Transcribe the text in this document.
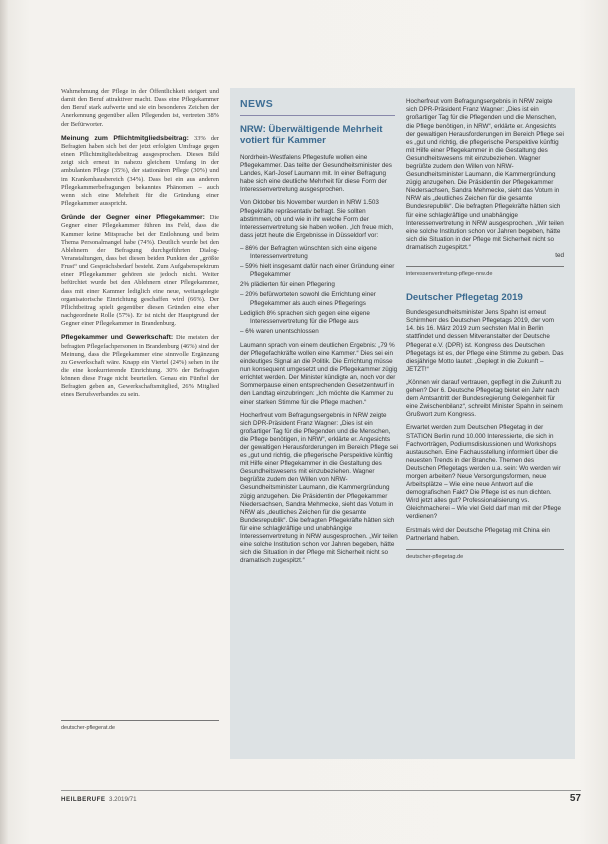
Wahrnehmung der Pflege in der Öffentlichkeit steigert und damit den Beruf attraktiver macht. Dass eine Pflegekammer den Beruf stark aufwerte und sie ein besonderes Zeichen der Anerkennung gegenüber allen Pflegenden ist, vertreten 38% der Befürworter.

Meinung zum Pflichtmitgliedsbeitrag: 33% der Befragten haben sich bei der jetzt erfolgten Umfrage gegen einen Pflichtmitgliedsbeitrag ausgesprochen. Dieses Bild zeigt sich erneut in nahezu gleichem Umfang in der ambulanten Pflege (35%), der stationären Pflege (30%) und im Krankenhausbereich (34%). Dass bei ein aus anderen Pflegekammerbefragungen bekanntes Phänomen – auch wenn sich eine Mehrheit für die Gründung einer Pflegekammer ausspricht.

Gründe der Gegner einer Pflegekammer: Die Gegner einer Pflegekammer führen ins Feld, dass die Kammer keine Mitsprache bei der Entlohnung und beim Thema Personalmangel habe (74%). Deutlich wurde bei den Ablehnern der Befragung durchgeführten Dialog-Veranstaltungen, dass bei diesen beiden Punkten der „größte Frust“ und Gesprächsbedarf besteht. Zum Aufgabenspektrum einer Pflegekammer gehören sie jedoch nicht. Weiter befürchtet wurde bei den Ablehnern einer Pflegekammer, dass mit einer Kammer lediglich eine neue, weitangelegte organisatorische Einrichtung geschaffen wird (66%). Der Pflichtbeitrag spielt gegenüber diesen Gründen eine eher nachgeordnete Rolle (57%). Er ist nicht der Hauptgrund der Gegner einer Pflegekammer in Brandenburg.

Pflegekammer und Gewerkschaft: Die meisten der befragten Pflegefachpersonen in Brandenburg (46%) sind der Meinung, dass die Pflegekammer eine sinnvolle Ergänzung zu Gewerkschaft wäre. Knapp ein Viertel (24%) sehen in ihr die eine konkurrierende Einrichtung. 30% der Befragten können diese Frage nicht beurteilen. Genau ein Fünftel der Befragten geben an, Gewerkschaftsmitglied, 26% Mitglied eines Berufsverbandes zu sein.

deutscher-pflegerat.de
NEWS
NRW: Überwältigende Mehrheit votiert für Kammer

Nordrhein-Westfalens Pflegestufe wollen eine Pflegekammer. Das teilte der Gesundheitsminister des Landes, Karl-Josef Laumann mit. In einer Befragung habe sich eine deutliche Mehrheit für diese Form der Interessenvertretung ausgesprochen.

Von Oktober bis November wurden in NRW 1.503 Pflegekräfte repräsentativ befragt. Sie sollten abstimmen, ob und wie in ihr welche Form der Interessenvertretung sie haben wollen. „Ich freue mich, dass jetzt heute die Ergebnisse in Düsseldorf vor:

– 86% der Befragten wünschten sich eine eigene Interessenvertretung
– 59% hielt insgesamt dafür nach einer Gründung einer Pflegekammer
2% plädierten für einen Pflegering
– 20% befürworteten sowohl die Errichtung einer Pflegekammer als auch eines Pflegerings
Lediglich 8% sprachen sich gegen eine eigene Interessenvertretung für die Pflege aus
– 6% waren unentschlossen

Laumann sprach von einem deutlichen Ergebnis: „79 % der Pflegefachkräfte wollen eine Kammer.“ Dies sei ein eindeutiges Signal an die Politik. Die Errichtung müsse nun konsequent umgesetzt und die Pflegekammer zügig errichtet werden. Der Minister kündigte an, noch vor der Sommerpause einen entsprechenden Gesetzentwurf in den Landtag einzubringen: „Ich möchte die Kammer zu einer starken Stimme für die Pflege machen.“

Hocherfreut vom Befragungsergebnis in NRW zeigte sich DPR-Präsident Franz Wagner: „Dies ist ein großartiger Tag für die Pflegenden und die Menschen, die Pflege benötigen, in NRW“, erklärte er. Angesichts der gewaltigen Herausforderungen im Bereich Pflege sei es „gut und richtig, die pflegerische Perspektive künftig mit Hilfe einer Pflegekammer in die Gestaltung des Gesundheitswesens mit einzubeziehen. Wagner begrüßte zudem den Willen von NRW-Gesundheitsminister Laumann, die Kammergründung zügig anzugehen. Die Präsidentin der Pflegekammer Niedersachsen, Sandra Mehmecke, sieht das Votum in NRW als „deutliches Zeichen für die gesamte Bundesrepublik“. Die befragten Pflegekräfte hätten sich für eine schlagkräftige und unabhängige Interessenvertretung in NRW ausgesprochen. „Wir teilen eine solche Institution schon vor Jahren begeben, hätte sich die Situation in der Pflege mit Sicherheit nicht so dramatisch zugespitzt.“

Hocherfreut vom Befragungsergebnis in NRW zeigte sich DPR-Präsident Franz Wagner: „Dies ist ein großartiger Tag für die Pflegenden und die Menschen, die Pflege benötigen, in NRW“, erklärte er. Angesichts der gewaltigen Herausforderungen im Bereich Pflege sei es „gut und richtig, die pflegerische Perspektive künftig mit Hilfe einer Pflegekammer in die Gestaltung des Gesundheitswesens mit einzubeziehen. Wagner begrüßte zudem den Willen von NRW-Gesundheitsminister Laumann, die Kammergründung zügig anzugehen. Die Präsidentin der Pflegekammer Niedersachsen, Sandra Mehmecke, sieht das Votum in NRW als „deutliches Zeichen für die gesamte Bundesrepublik“. Die befragten Pflegekräfte hätten sich für eine schlagkräftige und unabhängige Interessenvertretung in NRW ausgesprochen. „Wir teilen eine solche Institution schon vor Jahren begeben, hätte sich die Situation in der Pflege mit Sicherheit nicht so dramatisch zugespitzt.“
ted
interessenvertretung-pflege-nrw.de
Deutscher Pflegetag 2019

Bundesgesundheitsminister Jens Spahn ist erneut Schirmherr des Deutschen Pflegetags 2019, der vom 14. bis 16. März 2019 zum sechsten Mal in Berlin stattfindet und dessen Mitveranstalter der Deutsche Pflegerat e.V. (DPR) ist. Kongress des Deutschen Pflegetags ist es, der Pflege eine Stimme zu geben. Das diesjährige Motto lautet: „Geplegt in die Zukunft – JETZT!“

„Können wir darauf vertrauen, gepflegt in die Zukunft zu gehen? Der 6. Deutsche Pflegetag bietet ein Jahr nach dem Amtsantritt der Bundesregierung Gelegenheit für eine Zwischenbilanz“, schreibt Minister Spahn in seinem Grußwort zum Kongress.

Erwartet werden zum Deutschen Pflegetag in der STATION Berlin rund 10.000 Interessierte, die sich in Fachvorträgen, Podiumsdiskussionen und Workshops austauschen. Eine Fachausstellung informiert über die neuesten Trends in der Branche. Themen des Deutschen Pflegetags werden u.a. sein: Wo werden wir morgen arbeiten? Neue Versorgungsformen, neue Arbeitsplätze – Wie eine neue Antwort auf die demografischen Fakt? Die Pflege ist es nun dichten. Wird jetzt alles gut? Professionalisierung vs. Gleichmacherei – Wie viel Geld darf man mit der Pflege verdienen?

Erstmals wird der Deutsche Pflegetag mit China ein Partnerland haben.

deutscher-pflegetag.de
HEILBERUFE 3.2019/71	57
